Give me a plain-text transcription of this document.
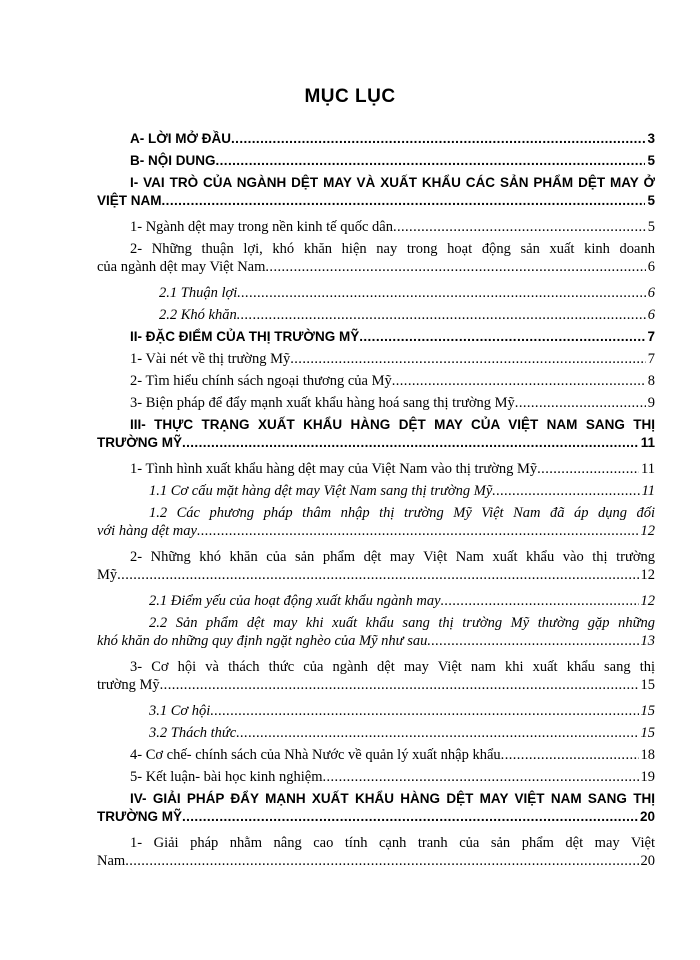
MỤC LỤC
A- LỜI MỞ ĐẦU .....	3
B- NỘI DUNG .....	5
I- VAI TRÒ CỦA NGÀNH DỆT MAY VÀ XUẤT KHẨU CÁC SẢN PHẨM DỆT MAY Ở
VIỆT NAM .....	5
1- Ngành dệt may trong nền kinh tế quốc dân .....	5
2- Những thuận lợi, khó khăn hiện nay trong hoạt động sản xuất kinh doanh
của ngành dệt may Việt Nam .....	6
2.1 Thuận lợi .....	6
2.2 Khó khăn .....	6
II- ĐẶC ĐIỂM CỦA THỊ TRƯỜNG MỸ .....	7
1- Vài nét về thị trường Mỹ .....	7
2- Tìm hiểu chính sách ngoại thương của Mỹ .....	8
3- Biện pháp để đẩy mạnh xuất khẩu hàng hoá sang thị trường Mỹ .....	9
III- THỰC TRẠNG XUẤT KHẨU HÀNG DỆT MAY CỦA VIỆT NAM SANG THỊ
TRƯỜNG MỸ .....	11
1- Tình hình xuất khẩu hàng dệt may của Việt Nam vào thị trường Mỹ .....	11
1.1 Cơ cấu mặt hàng dệt may Việt Nam sang thị trường Mỹ .....	11
1.2 Các phương pháp thâm nhập thị trường Mỹ Việt Nam đã áp dụng đối
với hàng dệt may .....	12
2- Những khó khăn của sản phẩm dệt may Việt Nam xuất khẩu vào thị trường
Mỹ .....	12
2.1 Điểm yếu của hoạt động xuất khẩu ngành may .....	12
2.2 Sản phẩm dệt may khi xuất khẩu sang thị trường Mỹ thường gặp những
khó khăn do những quy định ngặt nghèo của Mỹ như sau .....	13
3- Cơ hội và thách thức của ngành dệt may Việt nam khi xuất khẩu sang thị
trường Mỹ .....	15
3.1 Cơ hội .....	15
3.2 Thách thức .....	15
4- Cơ chế- chính sách của Nhà Nước về quản lý xuất nhập khẩu .....	18
5- Kết luận- bài học kinh nghiệm .....	19
IV- GIẢI PHÁP ĐẨY MẠNH XUẤT KHẨU HÀNG DỆT MAY VIỆT NAM SANG THỊ
TRƯỜNG MỸ .....	20
1- Giải pháp nhằm nâng cao tính cạnh tranh của sản phẩm dệt may Việt
Nam .....	20
